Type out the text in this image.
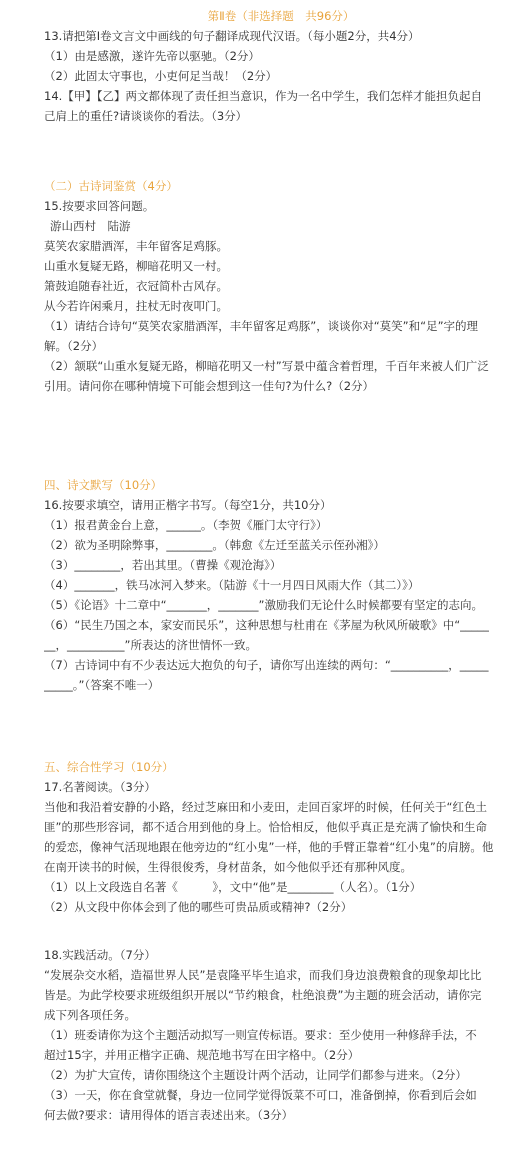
第Ⅱ卷（非选择题　共96分）
13.请把第Ⅰ卷文言文中画线的句子翻译成现代汉语。（每小题2分，共4分）
（1）由是感激，遂许先帝以驱驰。（2分）
（2）此固太守事也，小吏何足当哉！（2分）
14.【甲】【乙】两文都体现了责任担当意识，作为一名中学生，我们怎样才能担负起自
己肩上的重任?请谈谈你的看法。（3分）
（二）古诗词鉴赏（4分）
15.按要求回答问题。
游山西村　陆游
莫笑农家腊酒浑，丰年留客足鸡豚。
山重水复疑无路，柳暗花明又一村。
箫鼓追随春社近，衣冠简朴古风存。
从今若许闲乘月，拄杖无时夜叩门。
（1）请结合诗句“莫笑农家腊酒浑，丰年留客足鸡豚”，谈谈你对“莫笑”和“足”字的理
解。（2分）
（2）颔联“山重水复疑无路，柳暗花明又一村”写景中蕴含着哲理，千百年来被人们广泛
引用。请问你在哪种情境下可能会想到这一佳句?为什么?（2分）
四、诗文默写（10分）
16.按要求填空，请用正楷字书写。（每空1分，共10分）
（1）报君黄金台上意，______。（李贺《雁门太守行》）
（2）欲为圣明除弊事，________。（韩愈《左迁至蓝关示侄孙湘》）
（3）________，若出其里。（曹操《观沧海》）
（4）_______，铁马冰河入梦来。（陆游《十一月四日风雨大作（其二）》）
（5）《论语》十二章中“_______，_______”激励我们无论什么时候都要有坚定的志向。
（6）“民生乃国之本，家安而民乐”，这种思想与杜甫在《茅屋为秋风所破歌》中“_____
__，__________”所表达的济世情怀一致。
（7）古诗词中有不少表达远大抱负的句子，请你写出连续的两句：“__________，_____
_____。”（答案不唯一）
五、综合性学习（10分）
17.名著阅读。（3分）
当他和我沿着安静的小路，经过芝麻田和小麦田，走回百家坪的时候，任何关于“红色土
匪”的那些形容词，都不适合用到他的身上。恰恰相反，他似乎真正是充满了愉快和生命
的爱恋，像神气活现地跟在他旁边的“红小鬼”一样，他的手臂正靠着“红小鬼”的肩膀。他
在南开读书的时候，生得很俊秀，身材苗条，如今他似乎还有那种风度。
（1）以上文段选自名著《　　　》，文中“他”是________（人名）。（1分）
（2）从文段中你体会到了他的哪些可贵品质或精神?（2分）
18.实践活动。（7分）
“发展杂交水稻，造福世界人民”是袁隆平毕生追求，而我们身边浪费粮食的现象却比比
皆是。为此学校要求班级组织开展以“节约粮食，杜绝浪费”为主题的班会活动，请你完
成下列各项任务。
（1）班委请你为这个主题活动拟写一则宣传标语。要求：至少使用一种修辞手法，不
超过15字，并用正楷字正确、规范地书写在田字格中。（2分）
（2）为扩大宣传，请你围绕这个主题设计两个活动，让同学们都参与进来。（2分）
（3）一天，你在食堂就餐，身边一位同学觉得饭菜不可口，准备倒掉，你看到后会如
何去做?要求：请用得体的语言表述出来。（3分）
